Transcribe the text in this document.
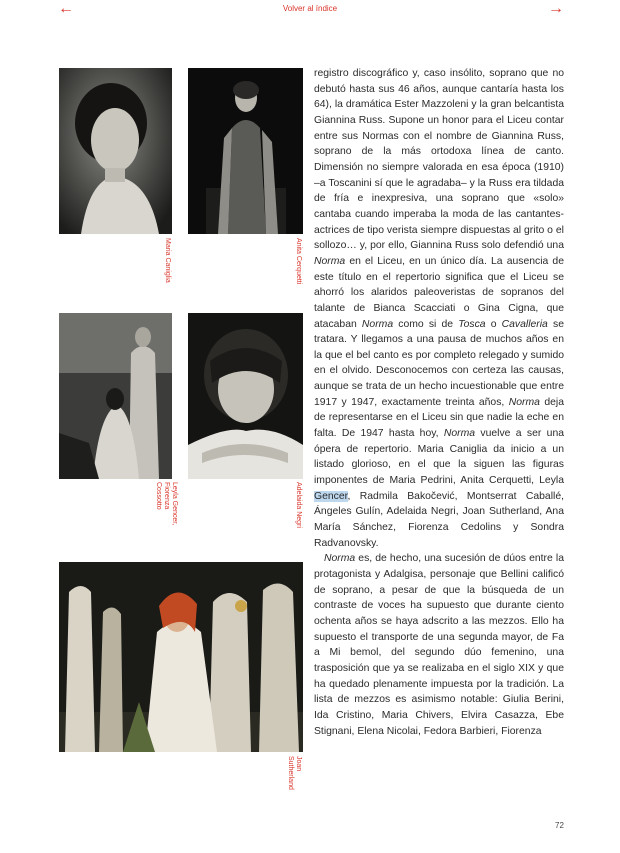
←	Volver al índice	→
Maria Caniglia	Anita Cerquetti
Leyla Gencer,
Fiorenza
Cossotto	Adelaida Negri
Joan
Sutherland

registro discográfico y, caso insólito, soprano que no debutó hasta sus 46 años, aunque cantaría hasta los 64), la dramática Ester Mazzoleni y la gran belcantista Giannina Russ. Supone un honor para el Liceu contar entre sus Normas con el nombre de Giannina Russ, soprano de la más ortodoxa línea de canto. Dimensión no siempre valorada en esa época (1910) –a Toscanini sí que le agradaba– y la Russ era tildada de fría e inexpresiva, una soprano que «solo» cantaba cuando imperaba la moda de las cantantes-actrices de tipo verista siempre dispuestas al grito o el sollozo… y, por ello, Giannina Russ solo defendió una Norma en el Liceu, en un único día. La ausencia de este título en el repertorio significa que el Liceu se ahorró los alaridos paleoveristas de sopranos del talante de Bianca Scacciati o Gina Cigna, que atacaban Norma como si de Tosca o Cavalleria se tratara. Y llegamos a una pausa de muchos años en la que el bel canto es por completo relegado y sumido en el olvido. Desconocemos con certeza las causas, aunque se trata de un hecho incuestionable que entre 1917 y 1947, exactamente treinta años, Norma deja de representarse en el Liceu sin que nadie la eche en falta. De 1947 hasta hoy, Norma vuelve a ser una ópera de repertorio. Maria Caniglia da inicio a un listado glorioso, en el que la siguen las figuras imponentes de Maria Pedrini, Anita Cerquetti, Leyla Gencer, Radmila Bakočević, Montserrat Caballé, Ángeles Gulín, Adelaida Negri, Joan Sutherland, Ana María Sánchez, Fiorenza Cedolins y Sondra Radvanovsky.

Norma es, de hecho, una sucesión de dúos entre la protagonista y Adalgisa, personaje que Bellini calificó de soprano, a pesar de que la búsqueda de un contraste de voces ha supuesto que durante ciento ochenta años se haya adscrito a las mezzos. Ello ha supuesto el transporte de una segunda mayor, de Fa a Mi bemol, del segundo dúo femenino, una trasposición que ya se realizaba en el siglo XIX y que ha quedado plenamente impuesta por la tradición. La lista de mezzos es asimismo notable: Giulia Berini, Ida Cristino, Maria Chivers, Elvira Casazza, Ebe Stignani, Elena Nicolai, Fedora Barbieri, Fiorenza

72
